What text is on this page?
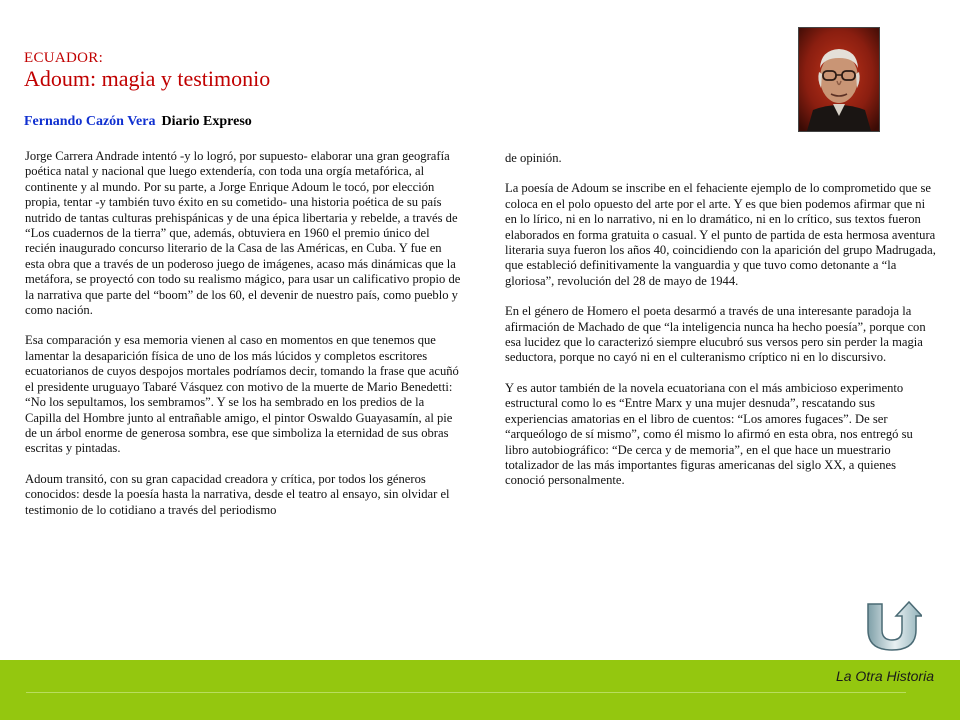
ECUADOR:
Adoum: magia y testimonio
Fernando Cazón Vera Diario Expreso

Jorge Carrera Andrade intentó -y lo logró, por supuesto- elaborar una gran geografía poética natal y nacional que luego extendería, con toda una orgía metafórica, al continente y al mundo. Por su parte, a Jorge Enrique Adoum le tocó, por elección propia, tentar -y también tuvo éxito en su cometido- una historia poética de su país nutrido de tantas culturas prehispánicas y de una épica libertaria y rebelde, a través de “Los cuadernos de la tierra” que, además, obtuviera en 1960 el premio único del recién inaugurado concurso literario de la Casa de las Américas, en Cuba. Y fue en esta obra que a través de un poderoso juego de imágenes, acaso más dinámicas que la metáfora, se proyectó con todo su realismo mágico, para usar un calificativo propio de la narrativa que parte del “boom” de los 60, el devenir de nuestro país, como pueblo y como nación.

Esa comparación y esa memoria vienen al caso en momentos en que tenemos que lamentar la desaparición física de uno de los más lúcidos y completos escritores ecuatorianos de cuyos despojos mortales podríamos decir, tomando la frase que acuñó el presidente uruguayo Tabaré Vásquez con motivo de la muerte de Mario Benedetti: “No los sepultamos, los sembramos”. Y se los ha sembrado en los predios de la Capilla del Hombre junto al entrañable amigo, el pintor Oswaldo Guayasamín, al pie de un árbol enorme de generosa sombra, ese que simboliza la eternidad de sus obras escritas y pintadas.

Adoum transitó, con su gran capacidad creadora y crítica, por todos los géneros conocidos: desde la poesía hasta la narrativa, desde el teatro al ensayo, sin olvidar el testimonio de lo cotidiano a través del periodismo

de opinión.

La poesía de Adoum se inscribe en el fehaciente ejemplo de lo comprometido que se coloca en el polo opuesto del arte por el arte. Y es que bien podemos afirmar que ni en lo lírico, ni en lo narrativo, ni en lo dramático, ni en lo crítico, sus textos fueron elaborados en forma gratuita o casual. Y el punto de partida de esta hermosa aventura literaria suya fueron los años 40, coincidiendo con la aparición del grupo Madrugada, que estableció definitivamente la vanguardia y que tuvo como detonante a “la gloriosa”, revolución del 28 de mayo de 1944.

En el género de Homero el poeta desarmó a través de una interesante paradoja la afirmación de Machado de que “la inteligencia nunca ha hecho poesía”, porque con esa lucidez que lo caracterizó siempre elucubró sus versos pero sin perder la magia seductora, porque no cayó ni en el culteranismo críptico ni en lo discursivo.

Y es autor también de la novela ecuatoriana con el más ambicioso experimento estructural como lo es “Entre Marx y una mujer desnuda”, rescatando sus experiencias amatorias en el libro de cuentos: “Los amores fugaces”. De ser “arqueólogo de sí mismo”, como él mismo lo afirmó en esta obra, nos entregó su libro autobiográfico: “De cerca y de memoria”, en el que hace un muestrario totalizador de las más importantes figuras americanas del siglo XX, a quienes conoció personalmente.

La Otra Historia
